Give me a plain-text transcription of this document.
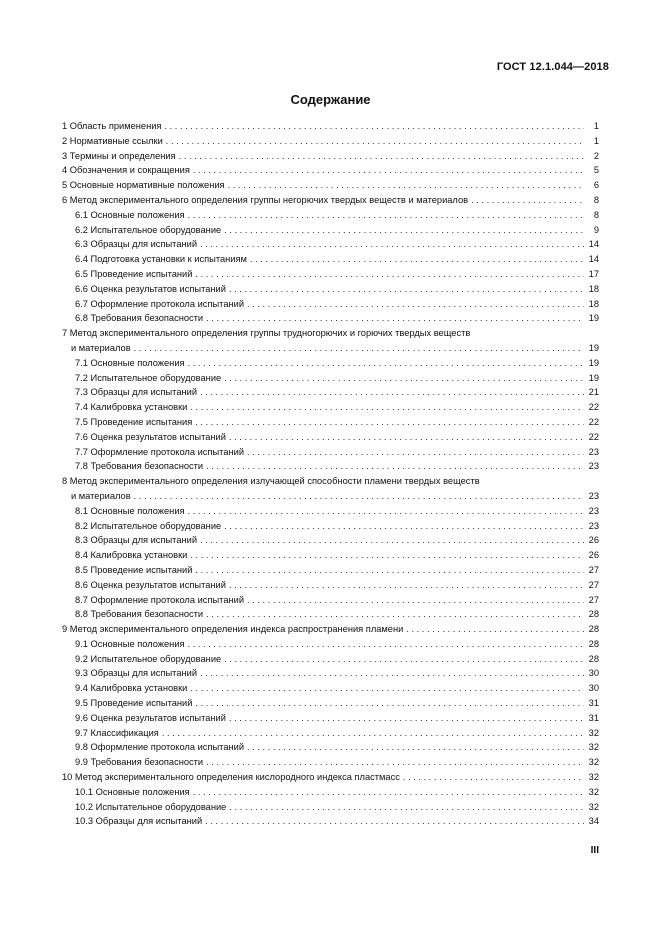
ГОСТ 12.1.044—2018
Содержание
1 Область применения . . .	1
2 Нормативные ссылки . . .	1
3 Термины и определения . . .	2
4 Обозначения и сокращения . . .	5
5 Основные нормативные положения . . .	6
6 Метод экспериментального определения группы негорючих твердых веществ и материалов . . .	8
6.1 Основные положения . . .	8
6.2 Испытательное оборудование . . .	9
6.3 Образцы для испытаний . . .	14
6.4 Подготовка установки к испытаниям . . .	14
6.5 Проведение испытаний . . .	17
6.6 Оценка результатов испытаний . . .	18
6.7 Оформление протокола испытаний . . .	18
6.8 Требования безопасности . . .	19
7 Метод экспериментального определения группы трудногорючих и горючих твердых веществ
и материалов . . .	19
7.1 Основные положения . . .	19
7.2 Испытательное оборудование . . .	19
7.3 Образцы для испытаний . . .	21
7.4 Калибровка установки . . .	22
7.5 Проведение испытания . . .	22
7.6 Оценка результатов испытаний . . .	22
7.7 Оформление протокола испытаний . . .	23
7.8 Требования безопасности . . .	23
8 Метод экспериментального определения излучающей способности пламени твердых веществ
и материалов . . .	23
8.1 Основные положения . . .	23
8.2 Испытательное оборудование . . .	23
8.3 Образцы для испытаний . . .	26
8.4 Калибровка установки . . .	26
8.5 Проведение испытаний . . .	27
8.6 Оценка результатов испытаний . . .	27
8.7 Оформление протокола испытаний . . .	27
8.8 Требования безопасности . . .	28
9 Метод экспериментального определения индекса распространения пламени . . .	28
9.1 Основные положения . . .	28
9.2 Испытательное оборудование . . .	28
9.3 Образцы для испытаний . . .	30
9.4 Калибровка установки . . .	30
9.5 Проведение испытаний . . .	31
9.6 Оценка результатов испытаний . . .	31
9.7 Классификация . . .	32
9.8 Оформление протокола испытаний . . .	32
9.9 Требования безопасности . . .	32
10 Метод экспериментального определения кислородного индекса пластмасс . . .	32
10.1 Основные положения . . .	32
10.2 Испытательное оборудование . . .	32
10.3 Образцы для испытаний . . .	34
III
